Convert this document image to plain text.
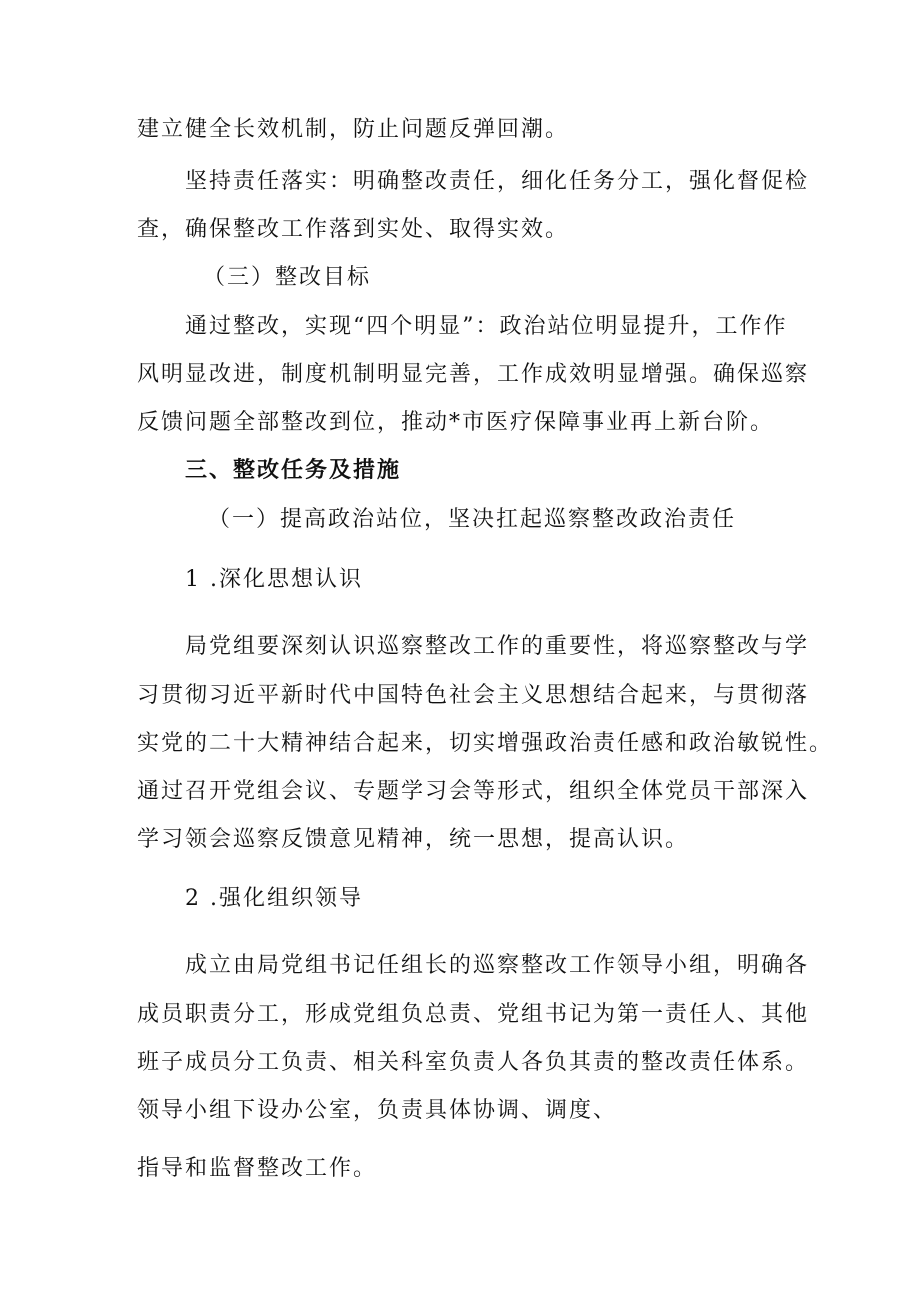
建立健全长效机制，防止问题反弹回潮。
坚持责任落实：明确整改责任，细化任务分工，强化督促检
查，确保整改工作落到实处、取得实效。
（三）整改目标
通过整改，实现“四个明显”：政治站位明显提升，工作作
风明显改进，制度机制明显完善，工作成效明显增强。确保巡察
反馈问题全部整改到位，推动*市医疗保障事业再上新台阶。
三、整改任务及措施
（一）提高政治站位，坚决扛起巡察整改政治责任
1 .深化思想认识
局党组要深刻认识巡察整改工作的重要性，将巡察整改与学
习贯彻习近平新时代中国特色社会主义思想结合起来，与贯彻落
实党的二十大精神结合起来，切实增强政治责任感和政治敏锐性。
通过召开党组会议、专题学习会等形式，组织全体党员干部深入
学习领会巡察反馈意见精神，统一思想，提高认识。
2 .强化组织领导
成立由局党组书记任组长的巡察整改工作领导小组，明确各
成员职责分工，形成党组负总责、党组书记为第一责任人、其他
班子成员分工负责、相关科室负责人各负其责的整改责任体系。
领导小组下设办公室，负责具体协调、调度、
指导和监督整改工作。
